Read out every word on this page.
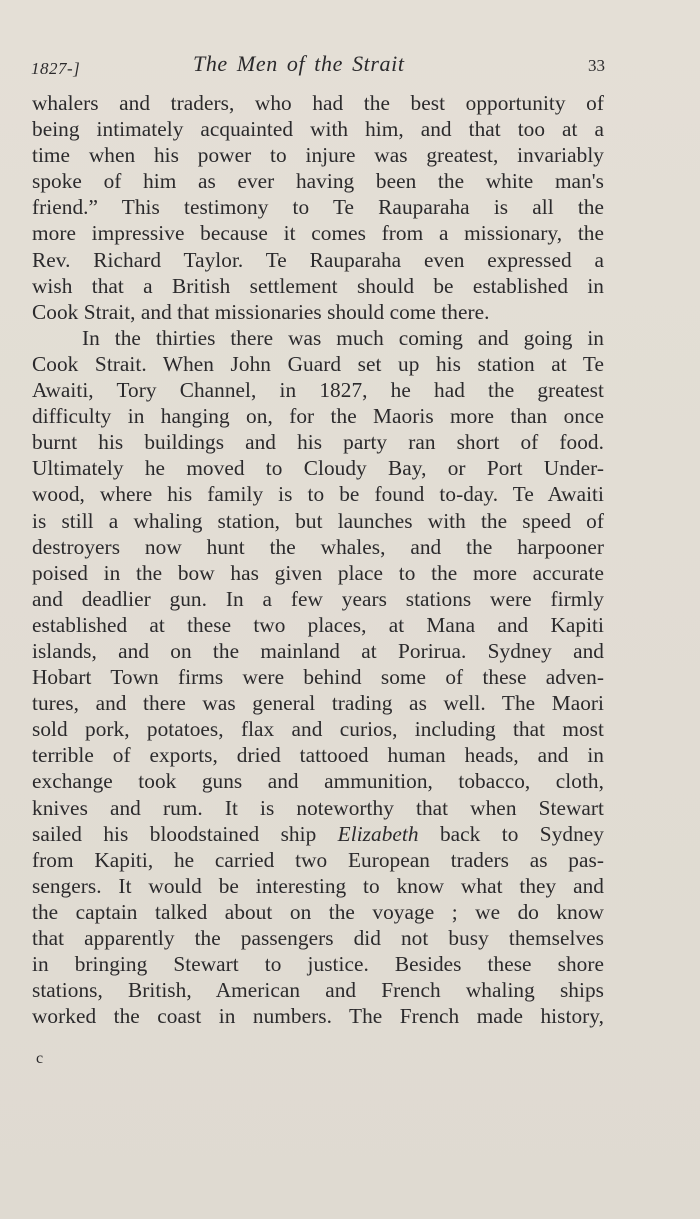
1827-]	The Men of the Strait	33
whalers and traders, who had the best opportunity of
being intimately acquainted with him, and that too at a
time when his power to injure was greatest, invariably
spoke of him as ever having been the white man's
friend.” This testimony to Te Rauparaha is all the
more impressive because it comes from a missionary, the
Rev. Richard Taylor. Te Rauparaha even expressed a
wish that a British settlement should be established in
Cook Strait, and that missionaries should come there.
In the thirties there was much coming and going in
Cook Strait. When John Guard set up his station at Te
Awaiti, Tory Channel, in 1827, he had the greatest
difficulty in hanging on, for the Maoris more than once
burnt his buildings and his party ran short of food.
Ultimately he moved to Cloudy Bay, or Port Under-
wood, where his family is to be found to-day. Te Awaiti
is still a whaling station, but launches with the speed of
destroyers now hunt the whales, and the harpooner
poised in the bow has given place to the more accurate
and deadlier gun. In a few years stations were firmly
established at these two places, at Mana and Kapiti
islands, and on the mainland at Porirua. Sydney and
Hobart Town firms were behind some of these adven-
tures, and there was general trading as well. The Maori
sold pork, potatoes, flax and curios, including that most
terrible of exports, dried tattooed human heads, and in
exchange took guns and ammunition, tobacco, cloth,
knives and rum. It is noteworthy that when Stewart
sailed his bloodstained ship Elizabeth back to Sydney
from Kapiti, he carried two European traders as pas-
sengers. It would be interesting to know what they and
the captain talked about on the voyage ; we do know
that apparently the passengers did not busy themselves
in bringing Stewart to justice. Besides these shore
stations, British, American and French whaling ships
worked the coast in numbers. The French made history,
c
